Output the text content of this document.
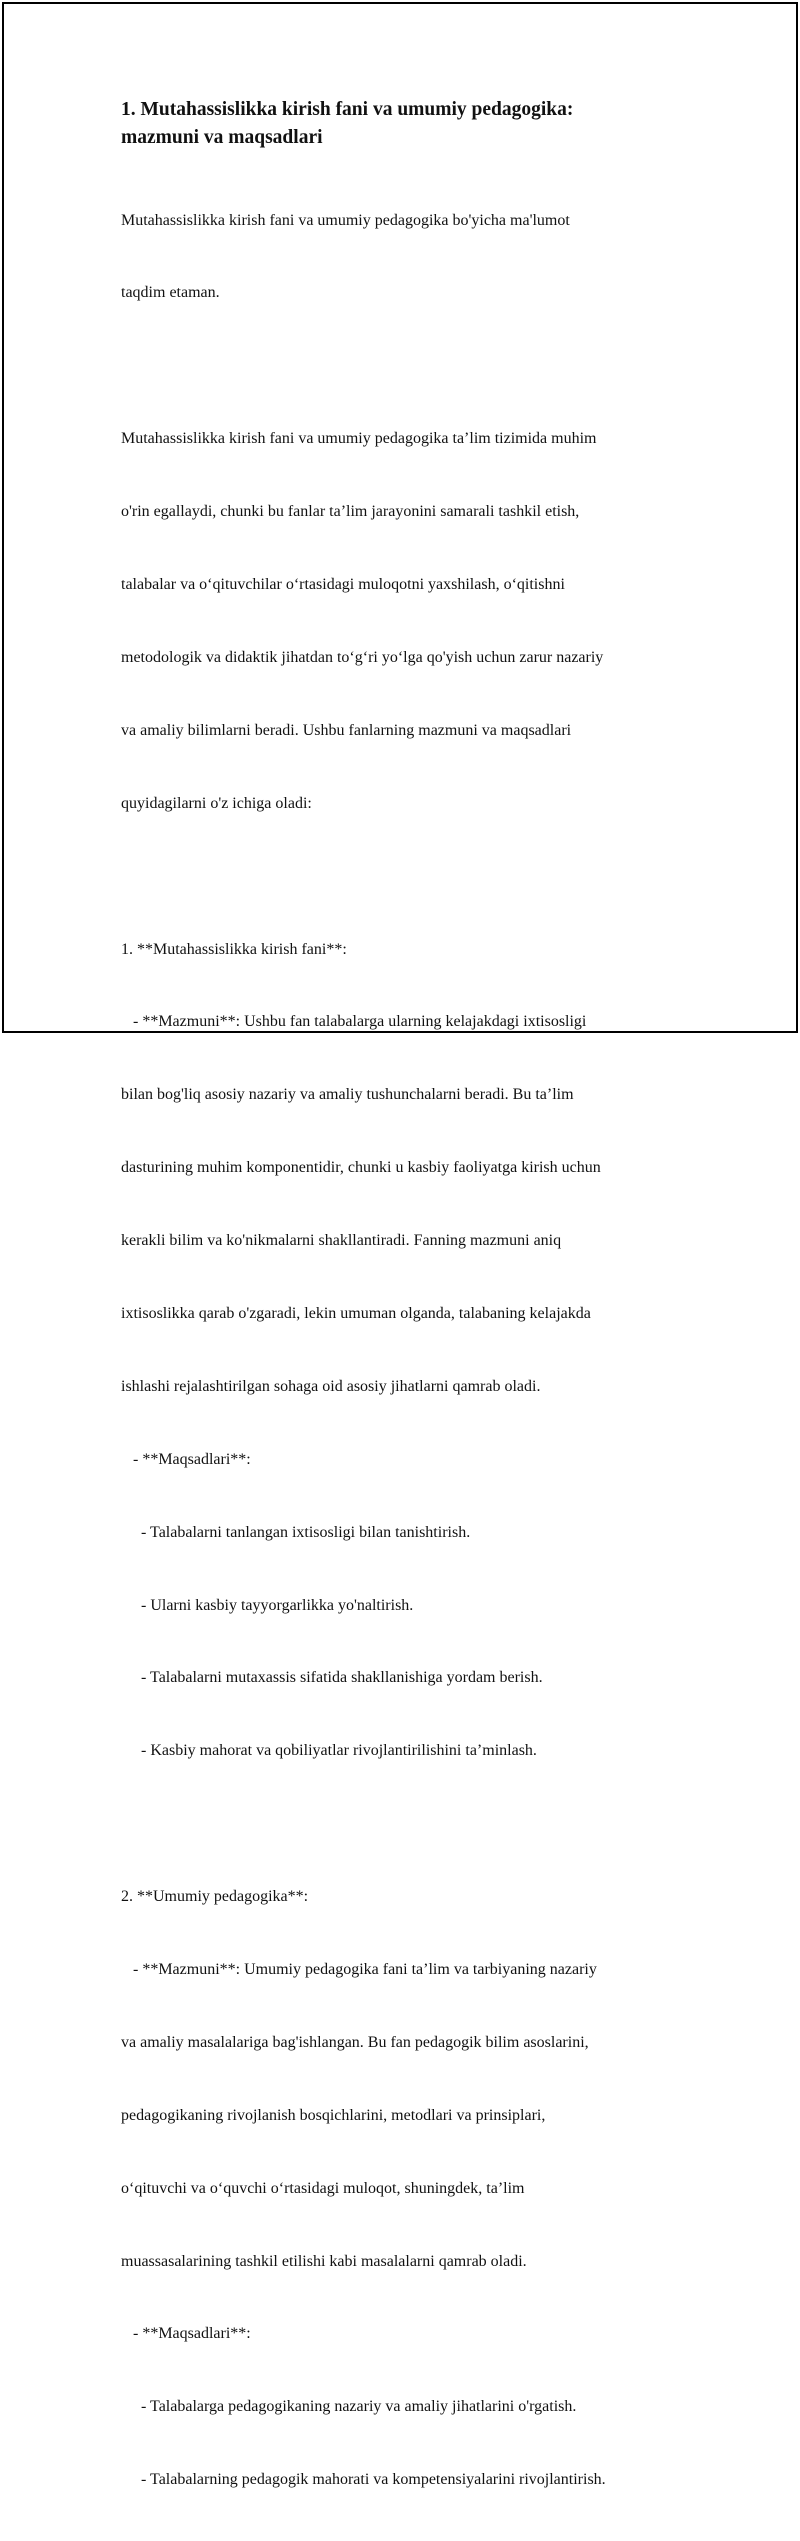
1. Mutahassislikka kirish fani va umumiy pedagogika:
mazmuni va maqsadlari

Mutahassislikka kirish fani va umumiy pedagogika bo'yicha ma'lumot

taqdim etaman.

Mutahassislikka kirish fani va umumiy pedagogika ta’lim tizimida muhim

o'rin egallaydi, chunki bu fanlar ta’lim jarayonini samarali tashkil etish,

talabalar va o‘qituvchilar o‘rtasidagi muloqotni yaxshilash, o‘qitishni

metodologik va didaktik jihatdan to‘g‘ri yo‘lga qo'yish uchun zarur nazariy

va amaliy bilimlarni beradi. Ushbu fanlarning mazmuni va maqsadlari

quyidagilarni o'z ichiga oladi:

1. **Mutahassislikka kirish fani**:

- **Mazmuni**: Ushbu fan talabalarga ularning kelajakdagi ixtisosligi

bilan bog'liq asosiy nazariy va amaliy tushunchalarni beradi. Bu ta’lim

dasturining muhim komponentidir, chunki u kasbiy faoliyatga kirish uchun

kerakli bilim va ko'nikmalarni shakllantiradi. Fanning mazmuni aniq

ixtisoslikka qarab o'zgaradi, lekin umuman olganda, talabaning kelajakda

ishlashi rejalashtirilgan sohaga oid asosiy jihatlarni qamrab oladi.

- **Maqsadlari**:

- Talabalarni tanlangan ixtisosligi bilan tanishtirish.

- Ularni kasbiy tayyorgarlikka yo'naltirish.

- Talabalarni mutaxassis sifatida shakllanishiga yordam berish.

- Kasbiy mahorat va qobiliyatlar rivojlantirilishini ta’minlash.

2. **Umumiy pedagogika**:

- **Mazmuni**: Umumiy pedagogika fani ta’lim va tarbiyaning nazariy

va amaliy masalalariga bag'ishlangan. Bu fan pedagogik bilim asoslarini,

pedagogikaning rivojlanish bosqichlarini, metodlari va prinsiplari,

o‘qituvchi va o‘quvchi o‘rtasidagi muloqot, shuningdek, ta’lim

muassasalarining tashkil etilishi kabi masalalarni qamrab oladi.

- **Maqsadlari**:

- Talabalarga pedagogikaning nazariy va amaliy jihatlarini o'rgatish.

- Talabalarning pedagogik mahorati va kompetensiyalarini rivojlantirish.
